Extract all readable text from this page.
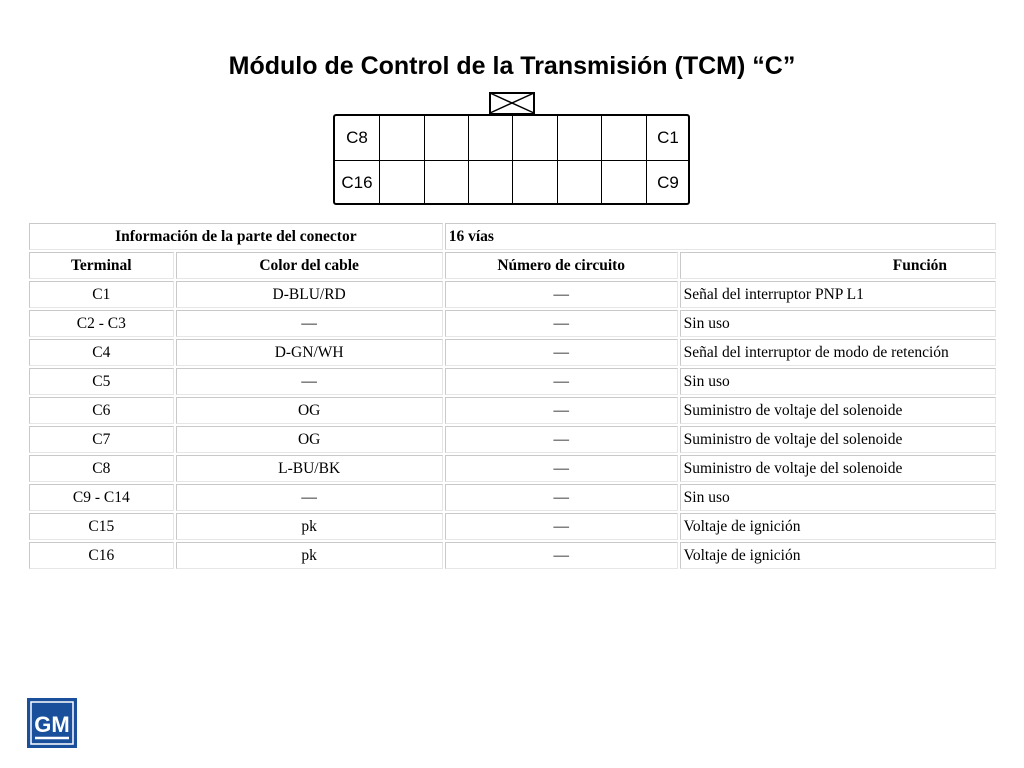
Módulo de Control de la Transmisión (TCM) “C”
C8	C1
C16	C9
Información de la parte del conector		16 vías	
Terminal	Color del cable	Número de circuito	Función
C1	D-BLU/RD	—	Señal del interruptor PNP L1
C2 - C3	—	—	Sin uso
C4	D-GN/WH	—	Señal del interruptor de modo de retención
C5	—	—	Sin uso
C6	OG	—	Suministro de voltaje del solenoide
C7	OG	—	Suministro de voltaje del solenoide
C8	L-BU/BK	—	Suministro de voltaje del solenoide
C9 - C14	—	—	Sin uso
C15	pk	—	Voltaje de ignición
C16	pk	—	Voltaje de ignición
GM
